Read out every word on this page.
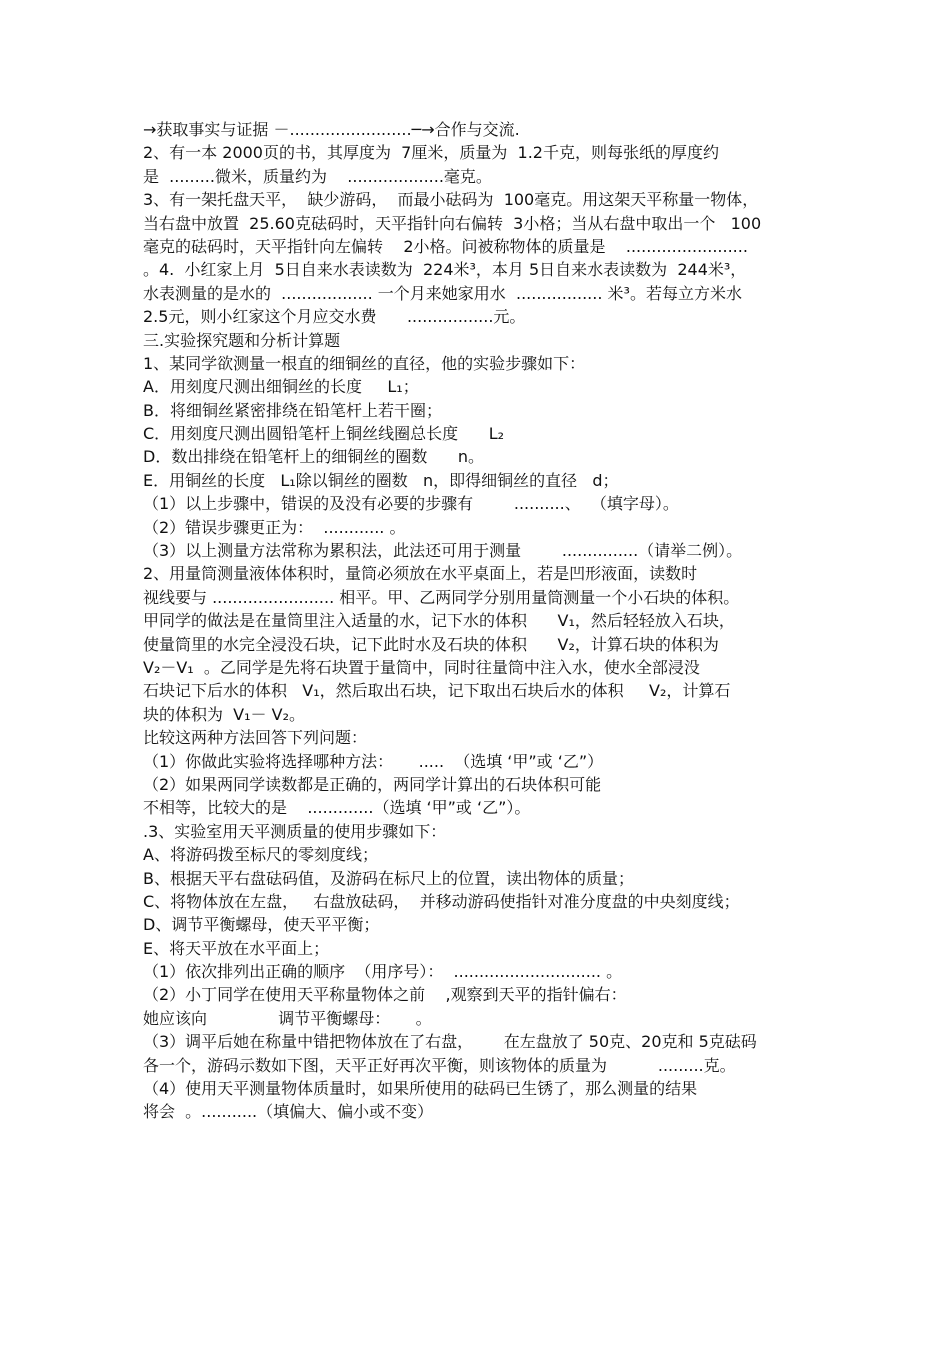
→获取事实与证据 －........................─→合作与交流.
2、有一本 2000页的书，其厚度为  7厘米，质量为  1.2千克，则每张纸的厚度约
是  .........微米，质量约为    ...................毫克。
3、有一架托盘天平，  缺少游码，  而最小砝码为  100毫克。用这架天平称量一物体，
当右盘中放置  25.60克砝码时，天平指针向右偏转  3小格；当从右盘中取出一个   100
毫克的砝码时，天平指针向左偏转    2小格。问被称物体的质量是    ........................
。4.  小红家上月  5日自来水表读数为  224米³，本月 5日自来水表读数为  244米³，
水表测量的是水的  .................. 一个月来她家用水  ................. 米³。若每立方米水
2.5元，则小红家这个月应交水费      .................元。
三.实验探究题和分析计算题
1、某同学欲测量一根直的细铜丝的直径，他的实验步骤如下：
A．用刻度尺测出细铜丝的长度     L₁；
B．将细铜丝紧密排绕在铅笔杆上若干圈；
C．用刻度尺测出圆铅笔杆上铜丝线圈总长度      L₂
D．数出排绕在铅笔杆上的细铜丝的圈数      n。
E．用铜丝的长度   L₁除以铜丝的圈数   n，即得细铜丝的直径   d；
（1）以上步骤中，错误的及没有必要的步骤有        ..........、  （填字母）。
（2）错误步骤更正为：  ............ 。
（3）以上测量方法常称为累积法，此法还可用于测量        ...............（请举二例）。
2、用量筒测量液体体积时，量筒必须放在水平桌面上，若是凹形液面，读数时
视线要与 ........................ 相平。甲、乙两同学分别用量筒测量一个小石块的体积。
甲同学的做法是在量筒里注入适量的水，记下水的体积      V₁，然后轻轻放入石块，
使量筒里的水完全浸没石块，记下此时水及石块的体积      V₂，计算石块的体积为
V₂－V₁  。乙同学是先将石块置于量筒中，同时往量筒中注入水，使水全部浸没
石块记下后水的体积   V₁，然后取出石块，记下取出石块后水的体积     V₂，计算石
块的体积为  V₁－ V₂。
比较这两种方法回答下列问题：
（1）你做此实验将选择哪种方法：     .....  （选填 ‘甲”或 ‘乙”）
（2）如果两同学读数都是正确的，两同学计算出的石块体积可能
不相等，比较大的是    .............（选填 ‘甲”或 ‘乙”）。
.3、实验室用天平测质量的使用步骤如下：
A、将游码拨至标尺的零刻度线；
B、根据天平右盘砝码值，及游码在标尺上的位置，读出物体的质量；
C、将物体放在左盘，   右盘放砝码，  并移动游码使指针对准分度盘的中央刻度线；
D、调节平衡螺母，使天平平衡；
E、将天平放在水平面上；
（1）依次排列出正确的顺序  （用序号）：  ............................. 。
（2）小丁同学在使用天平称量物体之前    ,观察到天平的指针偏右：
她应该向              调节平衡螺母：     。
（3）调平后她在称量中错把物体放在了右盘，      在左盘放了 50克、20克和 5克砝码
各一个，游码示数如下图，天平正好再次平衡，则该物体的质量为          .........克。
（4）使用天平测量物体质量时，如果所使用的砝码已生锈了，那么测量的结果
将会  。...........（填偏大、偏小或不变）
